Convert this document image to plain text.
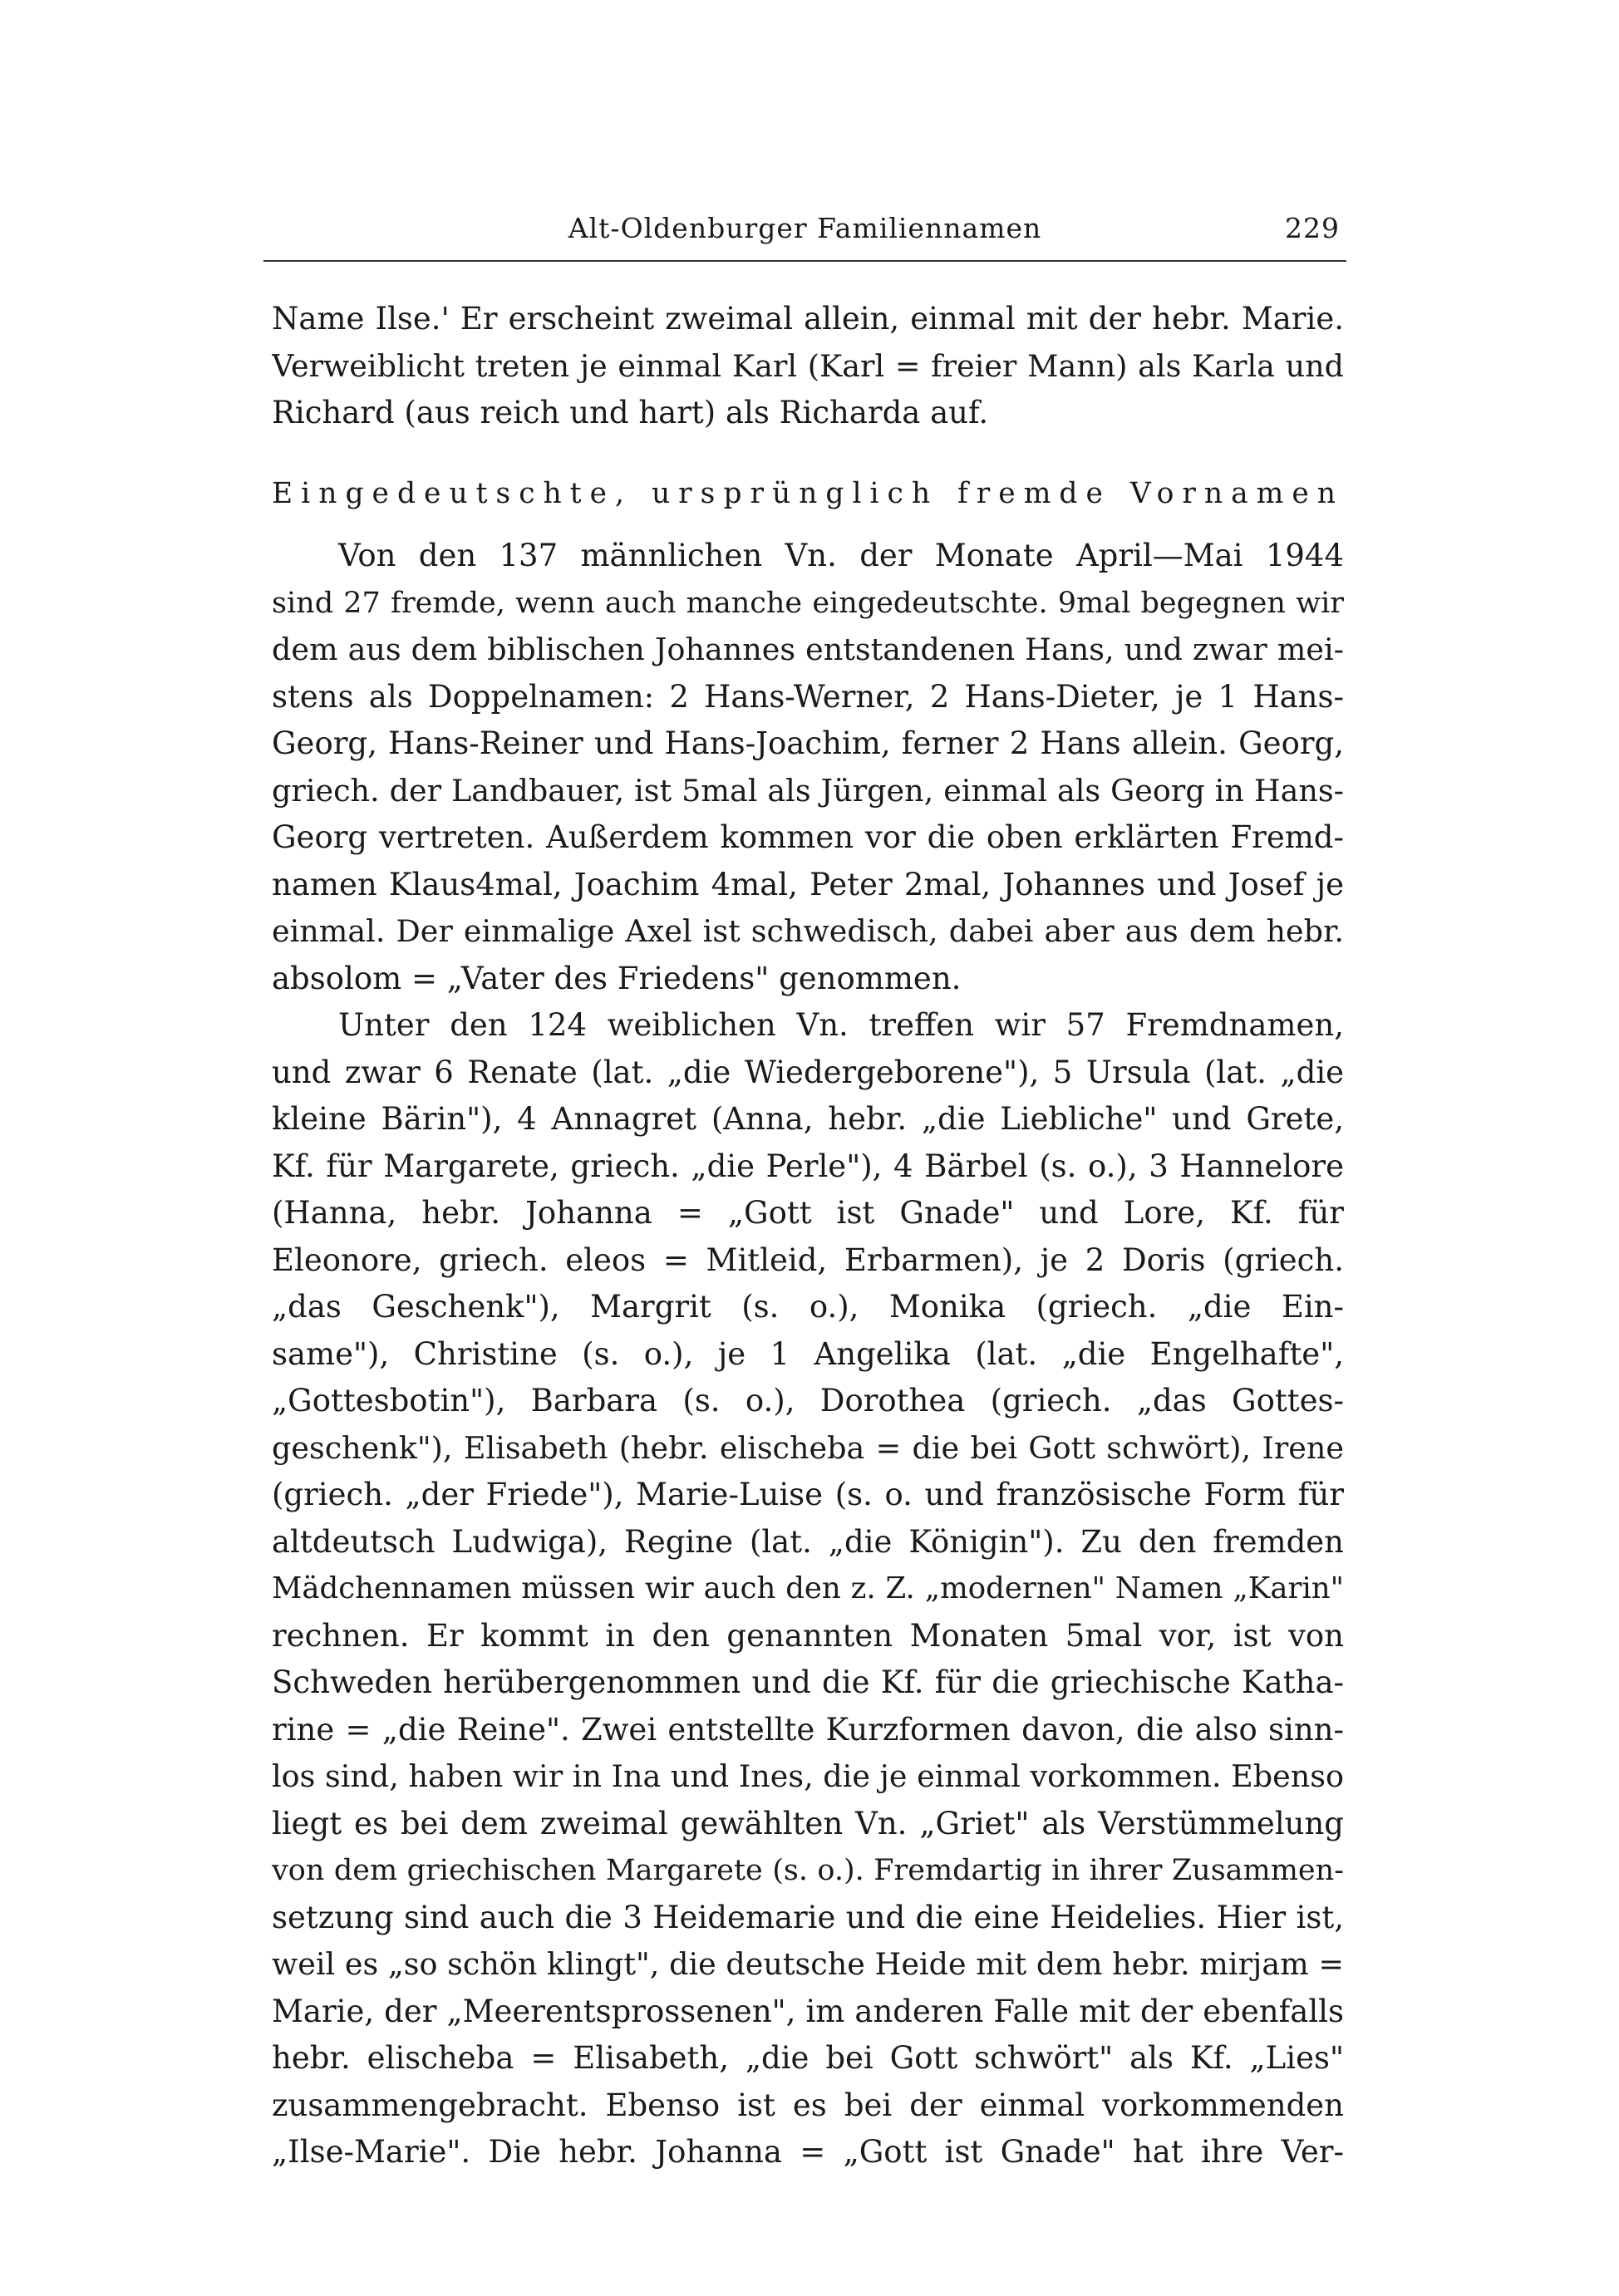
Alt-Oldenburger Familiennamen	229
Name Ilse.' Er erscheint zweimal allein, einmal mit der hebr. Marie.
Verweiblicht treten je einmal Karl (Karl = freier Mann) als Karla und
Richard (aus reich und hart) als Richarda auf.
Eingedeutschte, ursprünglich fremde Vornamen
Von den 137 männlichen Vn. der Monate April—Mai 1944
sind 27 fremde, wenn auch manche eingedeutschte. 9mal begegnen wir
dem aus dem biblischen Johannes entstandenen Hans, und zwar mei-
stens als Doppelnamen: 2 Hans-Werner, 2 Hans-Dieter, je 1 Hans-
Georg, Hans-Reiner und Hans-Joachim, ferner 2 Hans allein. Georg,
griech. der Landbauer, ist 5mal als Jürgen, einmal als Georg in Hans-
Georg vertreten. Außerdem kommen vor die oben erklärten Fremd-
namen Klaus4mal, Joachim 4mal, Peter 2mal, Johannes und Josef je
einmal. Der einmalige Axel ist schwedisch, dabei aber aus dem hebr.
absolom = „Vater des Friedens" genommen.
Unter den 124 weiblichen Vn. treffen wir 57 Fremdnamen,
und zwar 6 Renate (lat. „die Wiedergeborene"), 5 Ursula (lat. „die
kleine Bärin"), 4 Annagret (Anna, hebr. „die Liebliche" und Grete,
Kf. für Margarete, griech. „die Perle"), 4 Bärbel (s. o.), 3 Hannelore
(Hanna, hebr. Johanna = „Gott ist Gnade" und Lore, Kf. für
Eleonore, griech. eleos = Mitleid, Erbarmen), je 2 Doris (griech.
„das Geschenk"), Margrit (s. o.), Monika (griech. „die Ein-
same"), Christine (s. o.), je 1 Angelika (lat. „die Engelhafte",
„Gottesbotin"), Barbara (s. o.), Dorothea (griech. „das Gottes-
geschenk"), Elisabeth (hebr. elischeba = die bei Gott schwört), Irene
(griech. „der Friede"), Marie-Luise (s. o. und französische Form für
altdeutsch Ludwiga), Regine (lat. „die Königin"). Zu den fremden
Mädchennamen müssen wir auch den z. Z. „modernen" Namen „Karin"
rechnen. Er kommt in den genannten Monaten 5mal vor, ist von
Schweden herübergenommen und die Kf. für die griechische Katha-
rine = „die Reine". Zwei entstellte Kurzformen davon, die also sinn-
los sind, haben wir in Ina und Ines, die je einmal vorkommen. Ebenso
liegt es bei dem zweimal gewählten Vn. „Griet" als Verstümmelung
von dem griechischen Margarete (s. o.). Fremdartig in ihrer Zusammen-
setzung sind auch die 3 Heidemarie und die eine Heidelies. Hier ist,
weil es „so schön klingt", die deutsche Heide mit dem hebr. mirjam =
Marie, der „Meerentsprossenen", im anderen Falle mit der ebenfalls
hebr. elischeba = Elisabeth, „die bei Gott schwört" als Kf. „Lies"
zusammengebracht. Ebenso ist es bei der einmal vorkommenden
„Ilse-Marie". Die hebr. Johanna = „Gott ist Gnade" hat ihre Ver-
